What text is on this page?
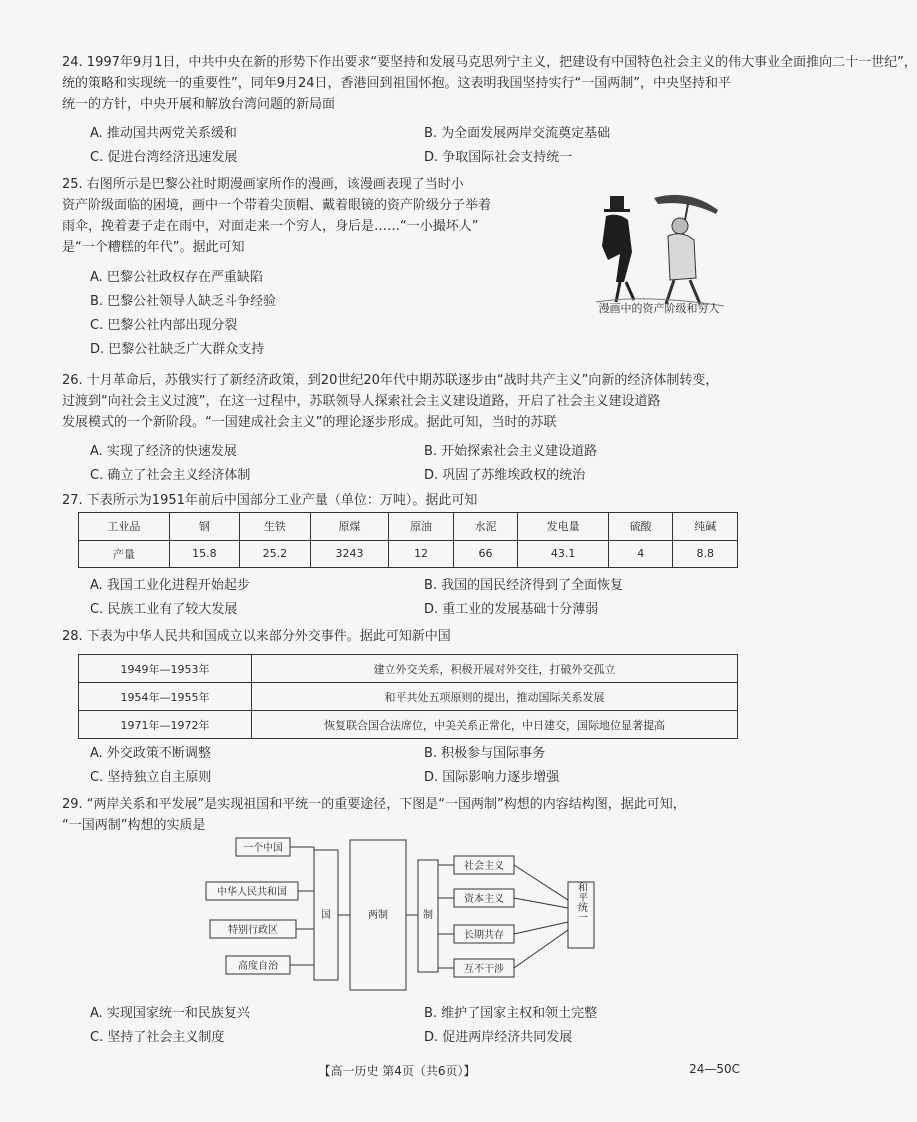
24. 1997年9月1日，中共中央在新的形势下作出要求“要坚持和发展马克思列宁主义，把建设有中国特色社会主义的伟大事业全面推向二十一世纪”，
统的策略和实现统一的重要性”，同年9月24日，香港回到祖国怀抱。这表明我国坚持实行“一国两制”，中央坚持和平
统一的方针，中央开展和解放台湾问题的新局面
A. 推动国共两党关系缓和	B. 为全面发展两岸交流奠定基础
C. 促进台湾经济迅速发展	D. 争取国际社会支持统一
25. 右图所示是巴黎公社时期漫画家所作的漫画，该漫画表现了当时小
资产阶级面临的困境，画中一个带着尖顶帽、戴着眼镜的资产阶级分子举着
雨伞，挽着妻子走在雨中，对面走来一个穷人，身后是……“一小撮坏人”
是“一个糟糕的年代”。据此可知
A. 巴黎公社政权存在严重缺陷
B. 巴黎公社领导人缺乏斗争经验
C. 巴黎公社内部出现分裂
D. 巴黎公社缺乏广大群众支持
漫画中的资产阶级和穷人
26. 十月革命后，苏俄实行了新经济政策，到20世纪20年代中期苏联逐步由“战时共产主义”向新的经济体制转变，
过渡到“向社会主义过渡”，在这一过程中，苏联领导人探索社会主义建设道路，开启了社会主义建设道路
发展模式的一个新阶段。“一国建成社会主义”的理论逐步形成。据此可知，当时的苏联
A. 实现了经济的快速发展	B. 开始探索社会主义建设道路
C. 确立了社会主义经济体制	D. 巩固了苏维埃政权的统治
27. 下表所示为1951年前后中国部分工业产量（单位：万吨）。据此可知
工业品	钢	生铁	原煤	原油	水泥	发电量	硫酸	纯碱
产量	15.8	25.2	3243	12	66	43.1	4	8.8
A. 我国工业化进程开始起步	B. 我国的国民经济得到了全面恢复
C. 民族工业有了较大发展	D. 重工业的发展基础十分薄弱
28. 下表为中华人民共和国成立以来部分外交事件。据此可知新中国
1949年—1953年	建立外交关系，积极开展对外交往，打破外交孤立
1954年—1955年	和平共处五项原则的提出，推动国际关系发展
1971年—1972年	恢复联合国合法席位，中美关系正常化，中日建交，国际地位显著提高
A. 外交政策不断调整	B. 积极参与国际事务
C. 坚持独立自主原则	D. 国际影响力逐步增强
29. “两岸关系和平发展”是实现祖国和平统一的重要途径，下图是“一国两制”构想的内容结构图，据此可知，
“一国两制”构想的实质是
一个中国
中华人民共和国
特别行政区
高度自治
国	两制	制
社会主义
资本主义
长期共存
互不干涉
和平统一
A. 实现国家统一和民族复兴	B. 维护了国家主权和领土完整
C. 坚持了社会主义制度	D. 促进两岸经济共同发展
【高一历史 第4页（共6页）】	24—50C
